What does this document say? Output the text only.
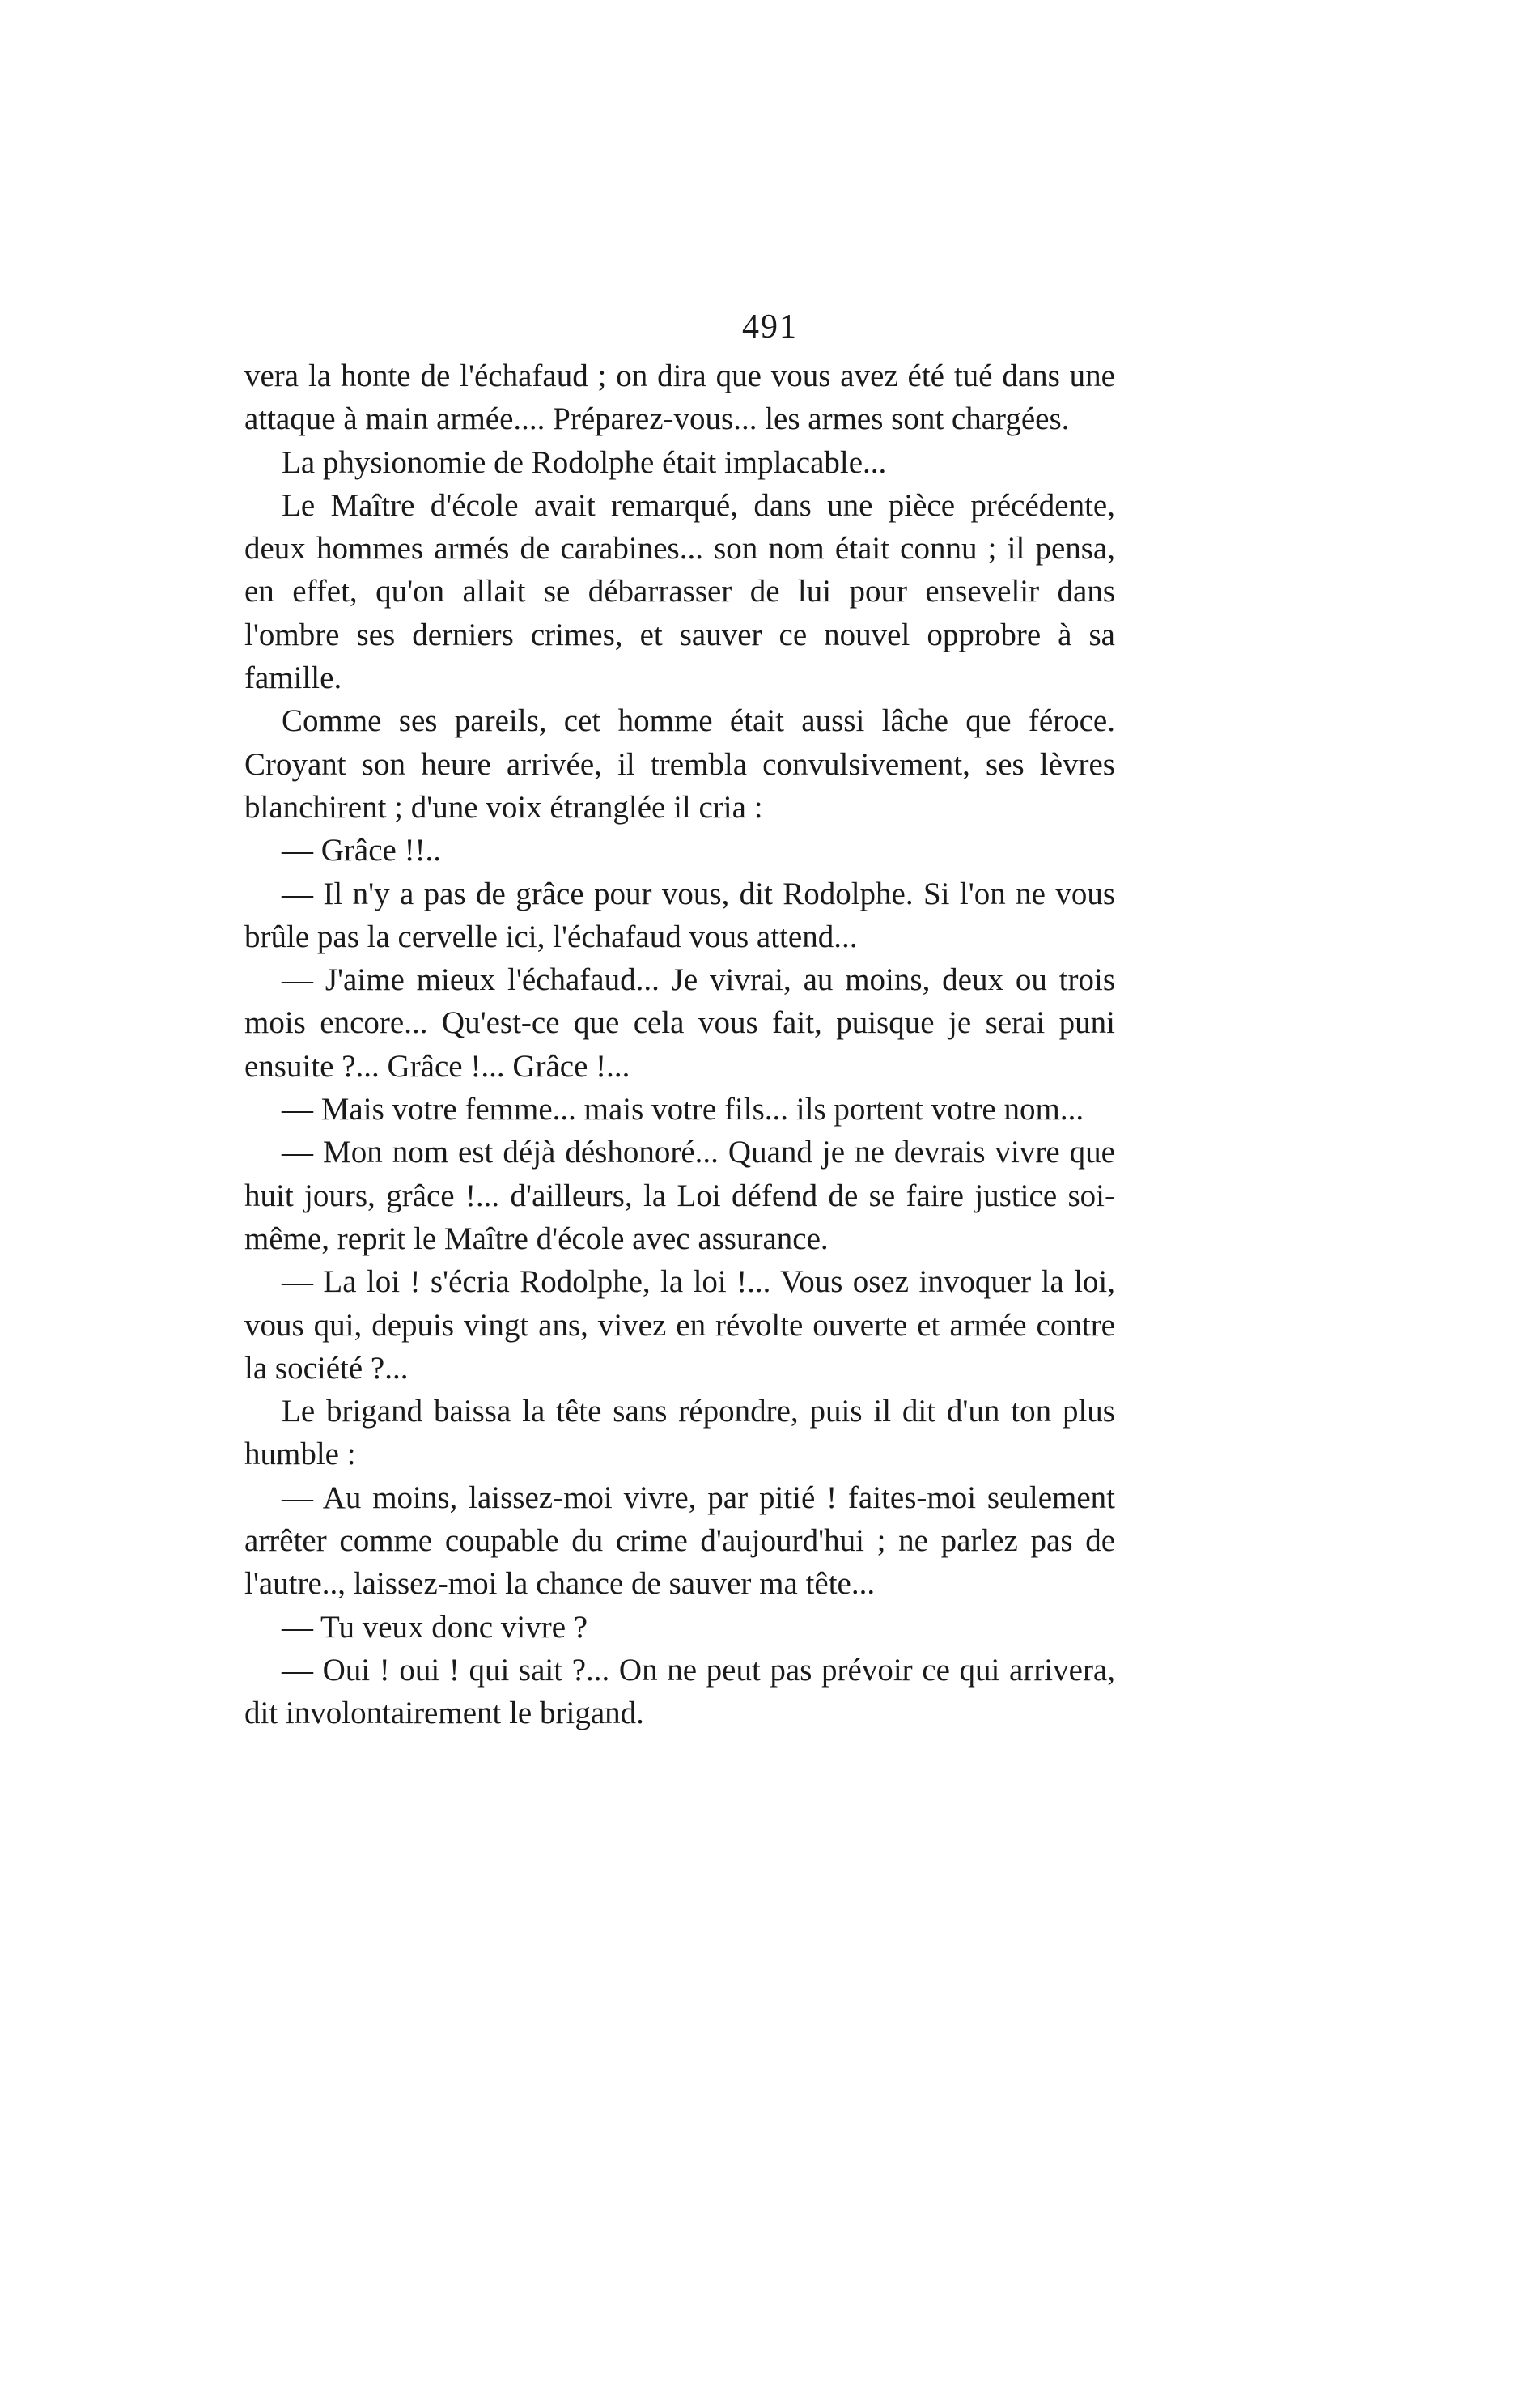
491

vera la honte de l'échafaud ; on dira que vous avez été tué dans une attaque à main armée.... Préparez-vous... les armes sont chargées.

La physionomie de Rodolphe était implacable...

Le Maître d'école avait remarqué, dans une pièce précédente, deux hommes armés de carabines... son nom était connu ; il pensa, en effet, qu'on allait se débarrasser de lui pour ensevelir dans l'ombre ses derniers crimes, et sauver ce nouvel opprobre à sa famille.

Comme ses pareils, cet homme était aussi lâche que féroce. Croyant son heure arrivée, il trembla convulsivement, ses lèvres blanchirent ; d'une voix étranglée il cria :

— Grâce !!..

— Il n'y a pas de grâce pour vous, dit Rodolphe. Si l'on ne vous brûle pas la cervelle ici, l'échafaud vous attend...

— J'aime mieux l'échafaud... Je vivrai, au moins, deux ou trois mois encore... Qu'est-ce que cela vous fait, puisque je serai puni ensuite ?... Grâce !... Grâce !...

— Mais votre femme... mais votre fils... ils portent votre nom...

— Mon nom est déjà déshonoré... Quand je ne devrais vivre que huit jours, grâce !... d'ailleurs, la Loi défend de se faire justice soi-même, reprit le Maître d'école avec assurance.

— La loi ! s'écria Rodolphe, la loi !... Vous osez invoquer la loi, vous qui, depuis vingt ans, vivez en révolte ouverte et armée contre la société ?...

Le brigand baissa la tête sans répondre, puis il dit d'un ton plus humble :

— Au moins, laissez-moi vivre, par pitié ! faites-moi seulement arrêter comme coupable du crime d'aujourd'hui ; ne parlez pas de l'autre.., laissez-moi la chance de sauver ma tête...

— Tu veux donc vivre ?

— Oui ! oui ! qui sait ?... On ne peut pas prévoir ce qui arrivera, dit involontairement le brigand.
